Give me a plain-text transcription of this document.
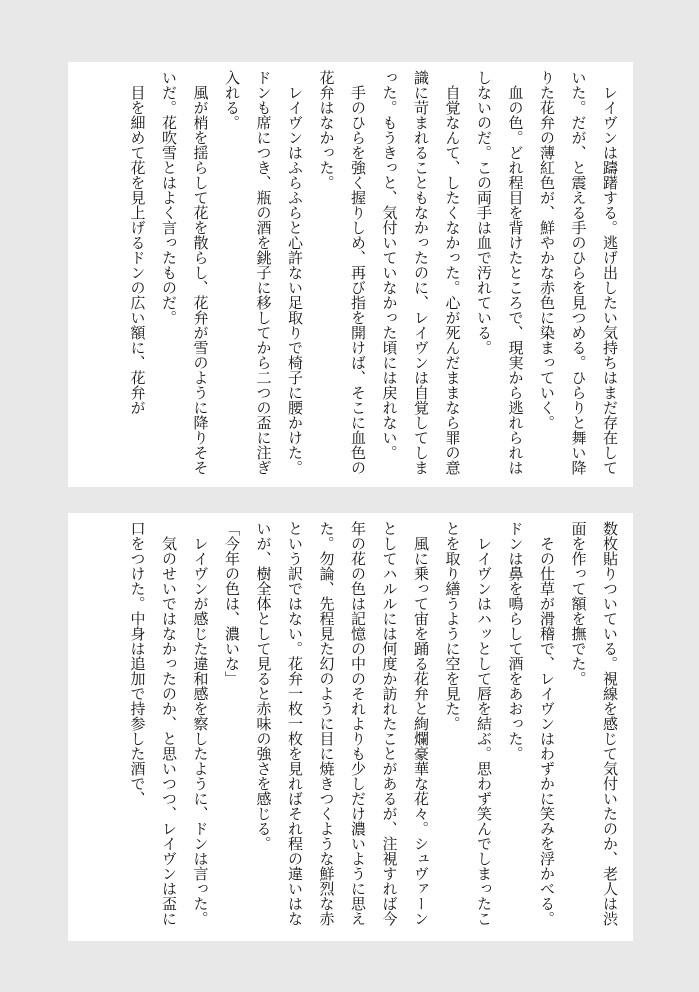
　レイヴンは躊躇する。逃げ出したい気持ちはまだ存在していた。だが、と震える手のひらを見つめる。ひらりと舞い降りた花弁の薄紅色が、鮮やかな赤色に染まっていく。

　血の色。どれ程目を背けたところで、現実から逃れられはしないのだ。この両手は血で汚れている。

　自覚なんて、したくなかった。心が死んだままなら罪の意識に苛まれることもなかったのに、レイヴンは自覚してしまった。もうきっと、気付いていなかった頃には戻れない。

　手のひらを強く握りしめ、再び指を開けば、そこに血色の花弁はなかった。

　レイヴンはふらふらと心許ない足取りで椅子に腰かけた。ドンも席につき、瓶の酒を銚子に移してから二つの盃に注ぎ入れる。

　風が梢を揺らして花を散らし、花弁が雪のように降りそそいだ。花吹雪とはよく言ったものだ。

　目を細めて花を見上げるドンの広い額に、花弁が

数枚貼りついている。視線を感じて気付いたのか、老人は渋面を作って額を撫でた。

　その仕草が滑稽で、レイヴンはわずかに笑みを浮かべる。ドンは鼻を鳴らして酒をあおった。

　レイヴンはハッとして唇を結ぶ。思わず笑んでしまったことを取り繕うように空を見た。

　風に乗って宙を踊る花弁と絢爛豪華な花々。シュヴァーンとしてハルルには何度か訪れたことがあるが、注視すれば今年の花の色は記憶の中のそれよりも少しだけ濃いように思えた。勿論、先程見た幻のように目に焼きつくような鮮烈な赤という訳ではない。花弁一枚一枚を見ればそれ程の違いはないが、樹全体として見ると赤味の強さを感じる。

「今年の色は、濃いな」

　レイヴンが感じた違和感を察したように、ドンは言った。

　気のせいではなかったのか、と思いつつ、レイヴンは盃に口をつけた。中身は追加で持参した酒で、
